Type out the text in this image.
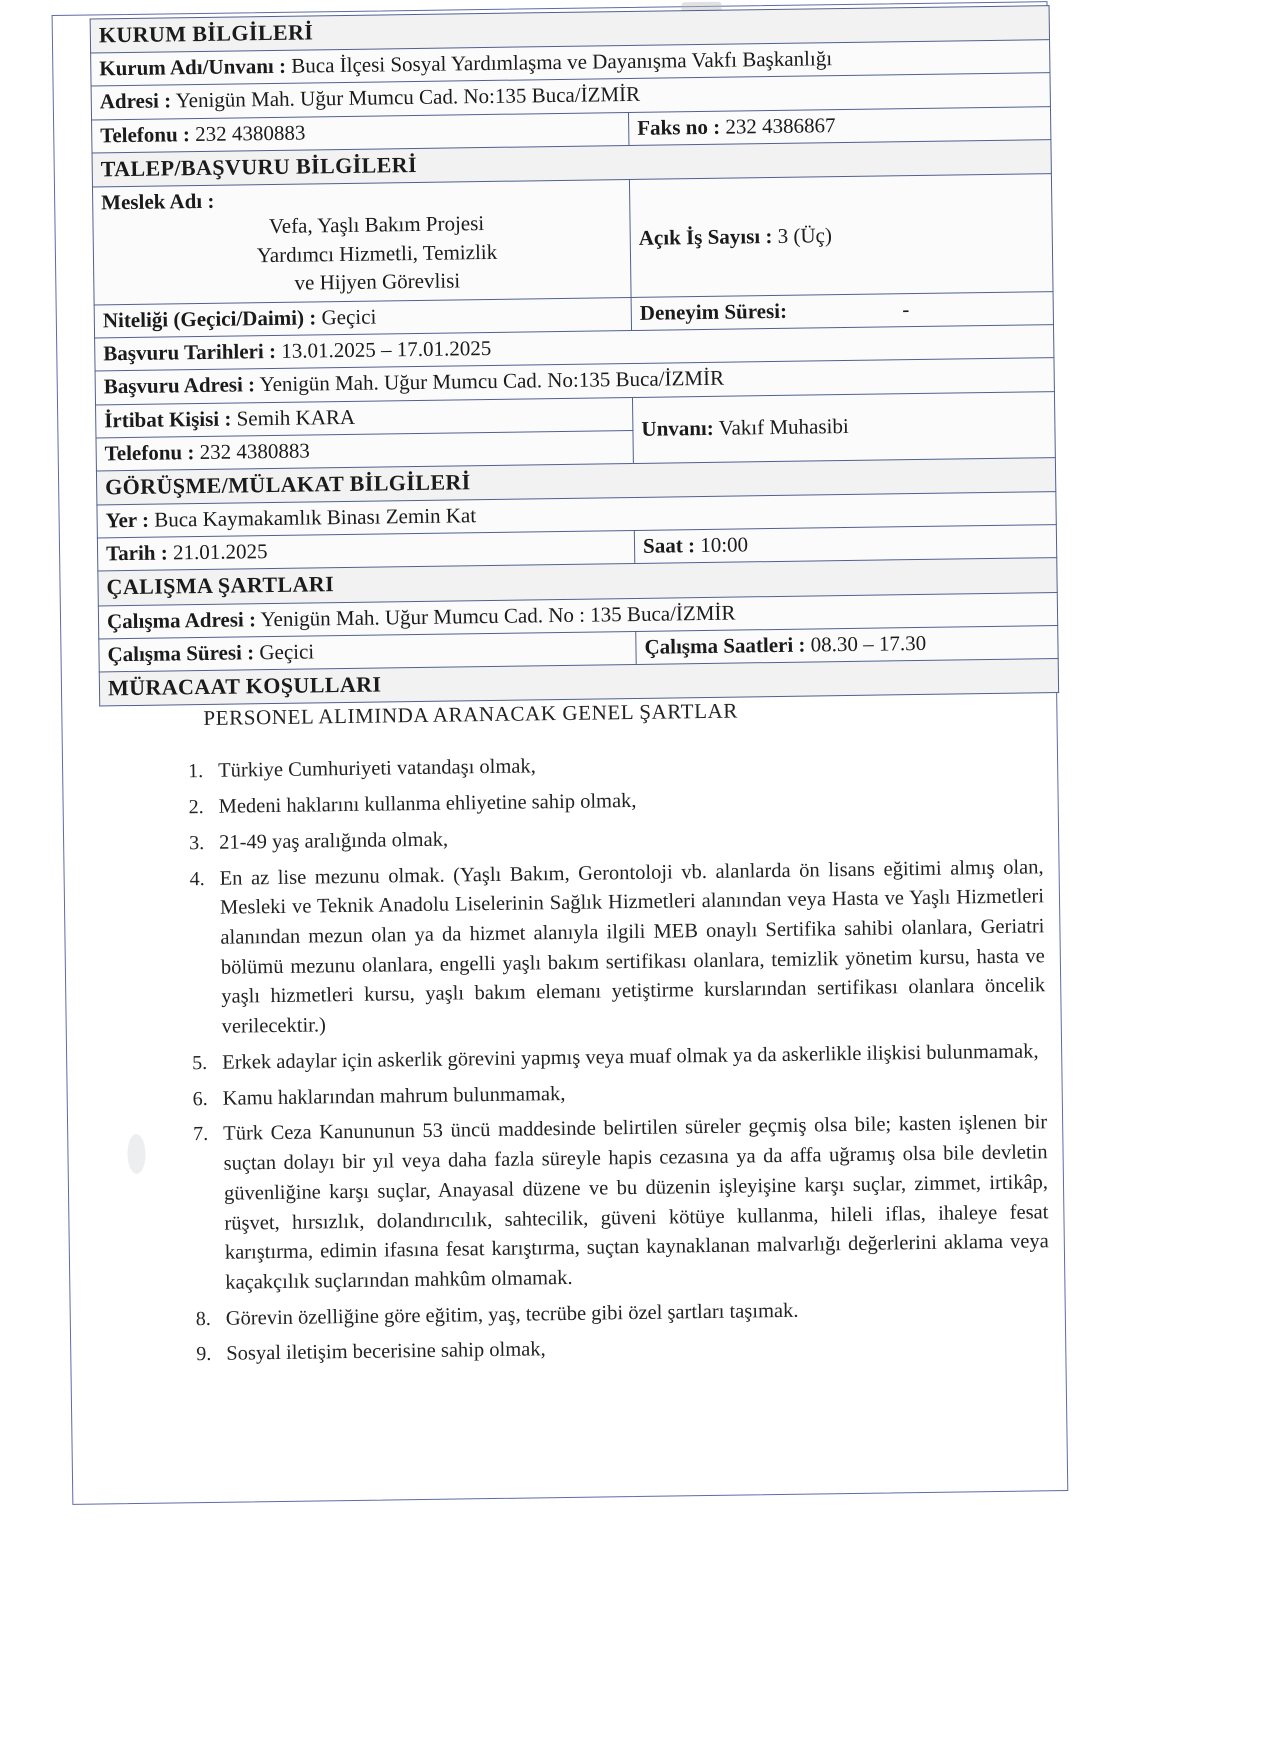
KURUM BİLGİLERİ	
Kurum Adı/Unvanı : Buca İlçesi Sosyal Yardımlaşma ve Dayanışma Vakfı Başkanlığı	
Adresi : Yenigün Mah. Uğur Mumcu Cad. No:135 Buca/İZMİR	
Telefonu : 232 4380883	Faks no : 232 4386867
TALEP/BAŞVURU BİLGİLERİ	
Meslek Adı :
Vefa, Yaşlı Bakım Projesi
Yardımcı Hizmetli, Temizlik
ve Hijyen Görevlisi	Açık İş Sayısı : 3 (Üç)
Niteliği (Geçici/Daimi) : Geçici	Deneyim Süresi: -
Başvuru Tarihleri : 13.01.2025 – 17.01.2025	
Başvuru Adresi : Yenigün Mah. Uğur Mumcu Cad. No:135 Buca/İZMİR	
İrtibat Kişisi : Semih KARA	Unvanı: Vakıf Muhasibi
Telefonu : 232 4380883	
GÖRÜŞME/MÜLAKAT BİLGİLERİ	
Yer : Buca Kaymakamlık Binası Zemin Kat	
Tarih : 21.01.2025	Saat : 10:00
ÇALIŞMA ŞARTLARI	
Çalışma Adresi : Yenigün Mah. Uğur Mumcu Cad. No : 135 Buca/İZMİR	
Çalışma Süresi : Geçici	Çalışma Saatleri : 08.30 – 17.30
MÜRACAAT KOŞULLARI	
PERSONEL ALIMINDA ARANACAK GENEL ŞARTLAR
1. Türkiye Cumhuriyeti vatandaşı olmak,
2. Medeni haklarını kullanma ehliyetine sahip olmak,
3. 21-49 yaş aralığında olmak,
4. En az lise mezunu olmak. (Yaşlı Bakım, Gerontoloji vb. alanlarda ön lisans eğitimi almış olan, Mesleki ve Teknik Anadolu Liselerinin Sağlık Hizmetleri alanından veya Hasta ve Yaşlı Hizmetleri alanından mezun olan ya da hizmet alanıyla ilgili MEB onaylı Sertifika sahibi olanlara, Geriatri bölümü mezunu olanlara, engelli yaşlı bakım sertifikası olanlara, temizlik yönetim kursu, hasta ve yaşlı hizmetleri kursu, yaşlı bakım elemanı yetiştirme kurslarından sertifikası olanlara öncelik verilecektir.)
5. Erkek adaylar için askerlik görevini yapmış veya muaf olmak ya da askerlikle ilişkisi bulunmamak,
6. Kamu haklarından mahrum bulunmamak,
7. Türk Ceza Kanununun 53 üncü maddesinde belirtilen süreler geçmiş olsa bile; kasten işlenen bir suçtan dolayı bir yıl veya daha fazla süreyle hapis cezasına ya da affa uğramış olsa bile devletin güvenliğine karşı suçlar, Anayasal düzene ve bu düzenin işleyişine karşı suçlar, zimmet, irtikâp, rüşvet, hırsızlık, dolandırıcılık, sahtecilik, güveni kötüye kullanma, hileli iflas, ihaleye fesat karıştırma, edimin ifasına fesat karıştırma, suçtan kaynaklanan malvarlığı değerlerini aklama veya kaçakçılık suçlarından mahkûm olmamak.
8. Görevin özelliğine göre eğitim, yaş, tecrübe gibi özel şartları taşımak.
9. Sosyal iletişim becerisine sahip olmak,
